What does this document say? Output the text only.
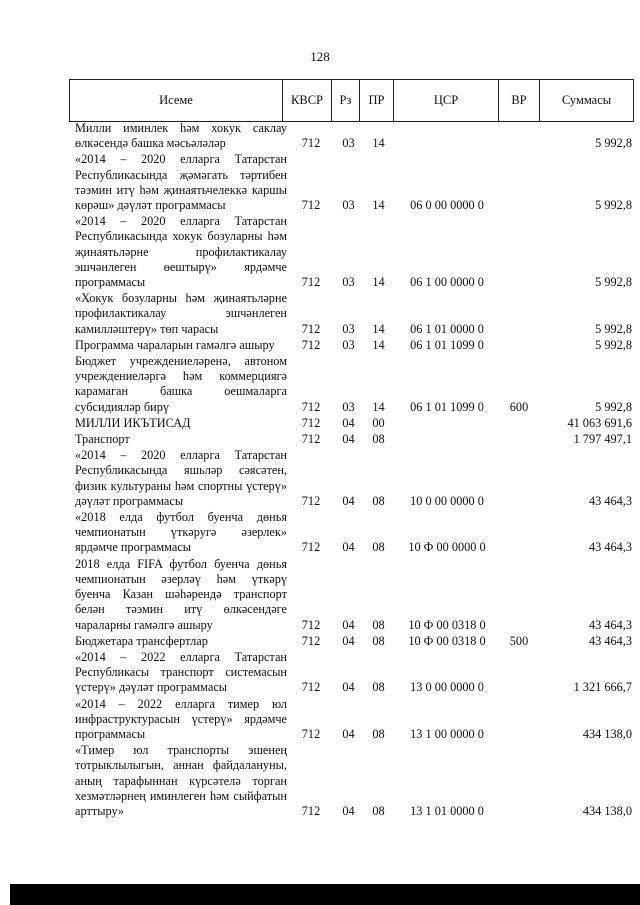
128
Исеме	КВСР	Рз	ПР	ЦСР	ВР	Суммасы
Милли иминлек һәм хокук саклау өлкәсендә башка мәсьәләләр	712	03	14			5 992,8
«2014 – 2020 елларга Татарстан Республикасында җәмәгать тәртибен тәэмин итү һәм җинаятьчелеккә каршы көрәш» дәүләт программасы	712	03	14	06 0 00 0000 0		5 992,8
«2014 – 2020 елларга Татарстан Республикасында хокук бозуларны һәм җинаятьләрне профилактикалау эшчәнлеген өештырү» ярдәмче программасы	712	03	14	06 1 00 0000 0		5 992,8
«Хокук бозуларны һәм җинаятьләрне профилактикалау эшчәнлеген камилләштерү» төп чарасы	712	03	14	06 1 01 0000 0		5 992,8
Программа чараларын гамәлгә ашыру	712	03	14	06 1 01 1099 0		5 992,8
Бюджет учреждениеләренә, автоном учреждениеләргә һәм коммерциягә карамаган башка оешмаларга субсидияләр бирү	712	03	14	06 1 01 1099 0	600	5 992,8
МИЛЛИ ИКЪТИСАД	712	04	00			41 063 691,6
Транспорт	712	04	08			1 797 497,1
«2014 – 2020 елларга Татарстан Республикасында яшьләр сәясәтен, физик культураны һәм спортны үстерү» дәүләт программасы	712	04	08	10 0 00 0000 0		43 464,3
«2018 елда футбол буенча дөнья чемпионатын үткәругә әзерлек» ярдәмче программасы	712	04	08	10 Ф 00 0000 0		43 464,3
2018 елда FIFA футбол буенча дөнья чемпионатын әзерләү һәм үткәрү буенча Казан шәһәрендә транспорт белән тәэмин итү өлкәсендәге чараларны гамәлгә ашыру	712	04	08	10 Ф 00 0318 0		43 464,3
Бюджетара трансфертлар	712	04	08	10 Ф 00 0318 0	500	43 464,3
«2014 – 2022 елларга Татарстан Республикасы транспорт системасын үстерү» дәүләт программасы	712	04	08	13 0 00 0000 0		1 321 666,7
«2014 – 2022 елларга тимер юл инфраструктурасын үстерү» ярдәмче программасы	712	04	08	13 1 00 0000 0		434 138,0
«Тимер юл транспорты эшенең тотрыклылыгын, аннан файдалануны, аның тарафыннан күрсәтелә торган хезмәтләрнең иминлеген һәм сыйфатын арттыру»	712	04	08	13 1 01 0000 0		434 138,0
